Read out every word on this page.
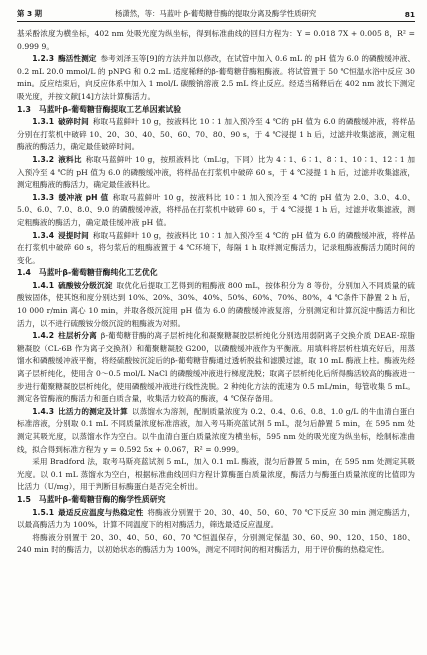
第 3 期	杨潇然，等：马蓝叶 β-葡萄糖苷酶的提取分离及酶学性质研究	81

基采酚浓度为横坐标，402 nm 处吸光度为纵坐标，得到标准曲线的回归方程为：Y = 0.018 7X + 0.005 8，R² = 0.999 9。

1.2.3 酶活性测定 参考刘泽玉等[9]的方法并加以修改，在试管中加入 0.6 mL 的 pH 值为 6.0 的磷酸缓冲液、0.2 mL 20.0 mmol/L 的 pNPG 和 0.2 mL 适度稀释的β-葡萄糖苷酶粗酶液。将试管置于 50 ℃恒温水浴中反应 30 min。反应结束后，向反应体系中加入 1 mol/L 碳酸钠溶液 2.5 mL 终止反应。经适当稀释后在 402 nm 波长下测定吸光度，并按文献[14]方法计算酶活力。

1.3　马蓝叶β-葡萄糖苷酶提取工艺单因素试验

1.3.1 破碎时间 称取马蓝鲜叶 10 g，按液料比 10∶1 加入预冷至 4 ℃的 pH 值为 6.0 的磷酸缓冲液，将样品分别在打浆机中破碎 10、20、30、40、50、60、70、80、90 s，于 4 ℃浸提 1 h 后，过滤并收集滤液，测定粗酶液的酶活力，确定最佳破碎时间。

1.3.2 液料比 称取马蓝鲜叶 10 g，按照液料比（mL∶g，下同）比为 4∶1、6∶1、8∶1、10∶1、12∶1 加入预冷至 4 ℃的 pH 值为 6.0 的磷酸缓冲液，将样品在打浆机中破碎 60 s，于 4 ℃浸提 1 h 后，过滤并收集滤液，测定粗酶液的酶活力，确定最佳液料比。

1.3.3 缓冲液 pH 值 称取马蓝鲜叶 10 g，按液料比 10∶1 加入预冷至 4 ℃的 pH 值为 2.0、3.0、4.0、5.0、6.0、7.0、8.0、9.0 的磷酸缓冲液，将样品在打浆机中破碎 60 s，于 4 ℃浸提 1 h 后，过滤并收集滤液，测定粗酶液的酶活力，确定最佳缓冲液 pH 值。

1.3.4 浸提时间 称取马蓝鲜叶 10 g，按液料比 10∶1 加入预冷至 4 ℃的 pH 值为 6.0 的磷酸缓冲液，将样品在打浆机中破碎 60 s，将匀浆后的粗酶液置于 4 ℃环境下，每隔 1 h 取样测定酶活力，记录粗酶液酶活力随时间的变化。

1.4　马蓝叶β-葡萄糖苷酶纯化工艺优化

1.4.1 硫酸铵分级沉淀 取优化后提取工艺得到的粗酶液 800 mL，按体积分为 8 等份，分别加入不同质量的硫酸铵固体，使其饱和度分别达到 10%、20%、30%、40%、50%、60%、70%、80%，4 ℃条件下静置 2 h 后，10 000 r/min 离心 10 min，并取各级沉淀用 pH 值为 6.0 的磷酸缓冲液复溶，分别测定和计算沉淀中酶活力和比活力，以不进行硫酸铵分级沉淀的粗酶液为对照。

1.4.2 柱层析分离 β-葡萄糖苷酶的离子层析纯化和凝聚糖凝胶层析纯化分别选用弱阴离子交换介质 DEAE-琼脂糖凝胶（CL-6B 作为离子交换剂）和葡聚糖凝胶 G200，以磷酸缓冲液作为平衡液。用填料将层析柱填充好后，用蒸馏水和磷酸缓冲液平衡，将经硫酸铵沉淀后的β-葡萄糖苷酶通过透析脱盐和滤膜过滤，取 10 mL 酶液上柱。酶液先经离子层析纯化，使用含 0～0.5 mol/L NaCl 的磷酸缓冲液进行梯度洗脱；取离子层析纯化后所得酶活较高的酶液进一步进行葡聚糖凝胶层析纯化，使用磷酸缓冲液进行线性洗脱。2 种纯化方法的流速为 0.5 mL/min，每管收集 5 mL。测定各管酶液的酶活力和蛋白质含量，收集活力较高的酶液，4 ℃保存备用。

1.4.3 比活力的测定及计算 以蒸馏水为溶剂，配制质量浓度为 0.2、0.4、0.6、0.8、1.0 g/L 的牛血清白蛋白标准溶液，分别取 0.1 mL 不同质量浓度标准溶液，加入考马斯亮蓝试剂 5 mL，混匀后静置 5 min，在 595 nm 处测定其吸光度，以蒸馏水作为空白。以牛血清白蛋白质量浓度为横坐标，595 nm 处的吸光度为纵坐标，绘制标准曲线，拟合得到标准方程为 y = 0.592 5x + 0.067，R² = 0.999。

采用 Bradford 法，取考马斯亮蓝试剂 5 mL，加入 0.1 mL 酶液，混匀后静置 5 min，在 595 nm 处测定其吸光度。以 0.1 mL 蒸馏水为空白，根据标准曲线回归方程计算酶蛋白质量浓度，酶活力与酶蛋白质量浓度的比值即为比活力（U/mg），用于判断目标酶蛋白是否完全析出。

1.5　马蓝叶β-葡萄糖苷酶的酶学性质研究

1.5.1 最适反应温度与热稳定性 将酶液分别置于 20、30、40、50、60、70 ℃下反应 30 min 测定酶活力，以最高酶活力为 100%，计算不同温度下的相对酶活力，筛选最适反应温度。

将酶液分别置于 20、30、40、50、60、70 ℃恒温保存，分别测定保温 30、60、90、120、150、180、240 min 时的酶活力，以初始状态的酶活力为 100%，测定不同时间的相对酶活力，用于评价酶的热稳定性。
